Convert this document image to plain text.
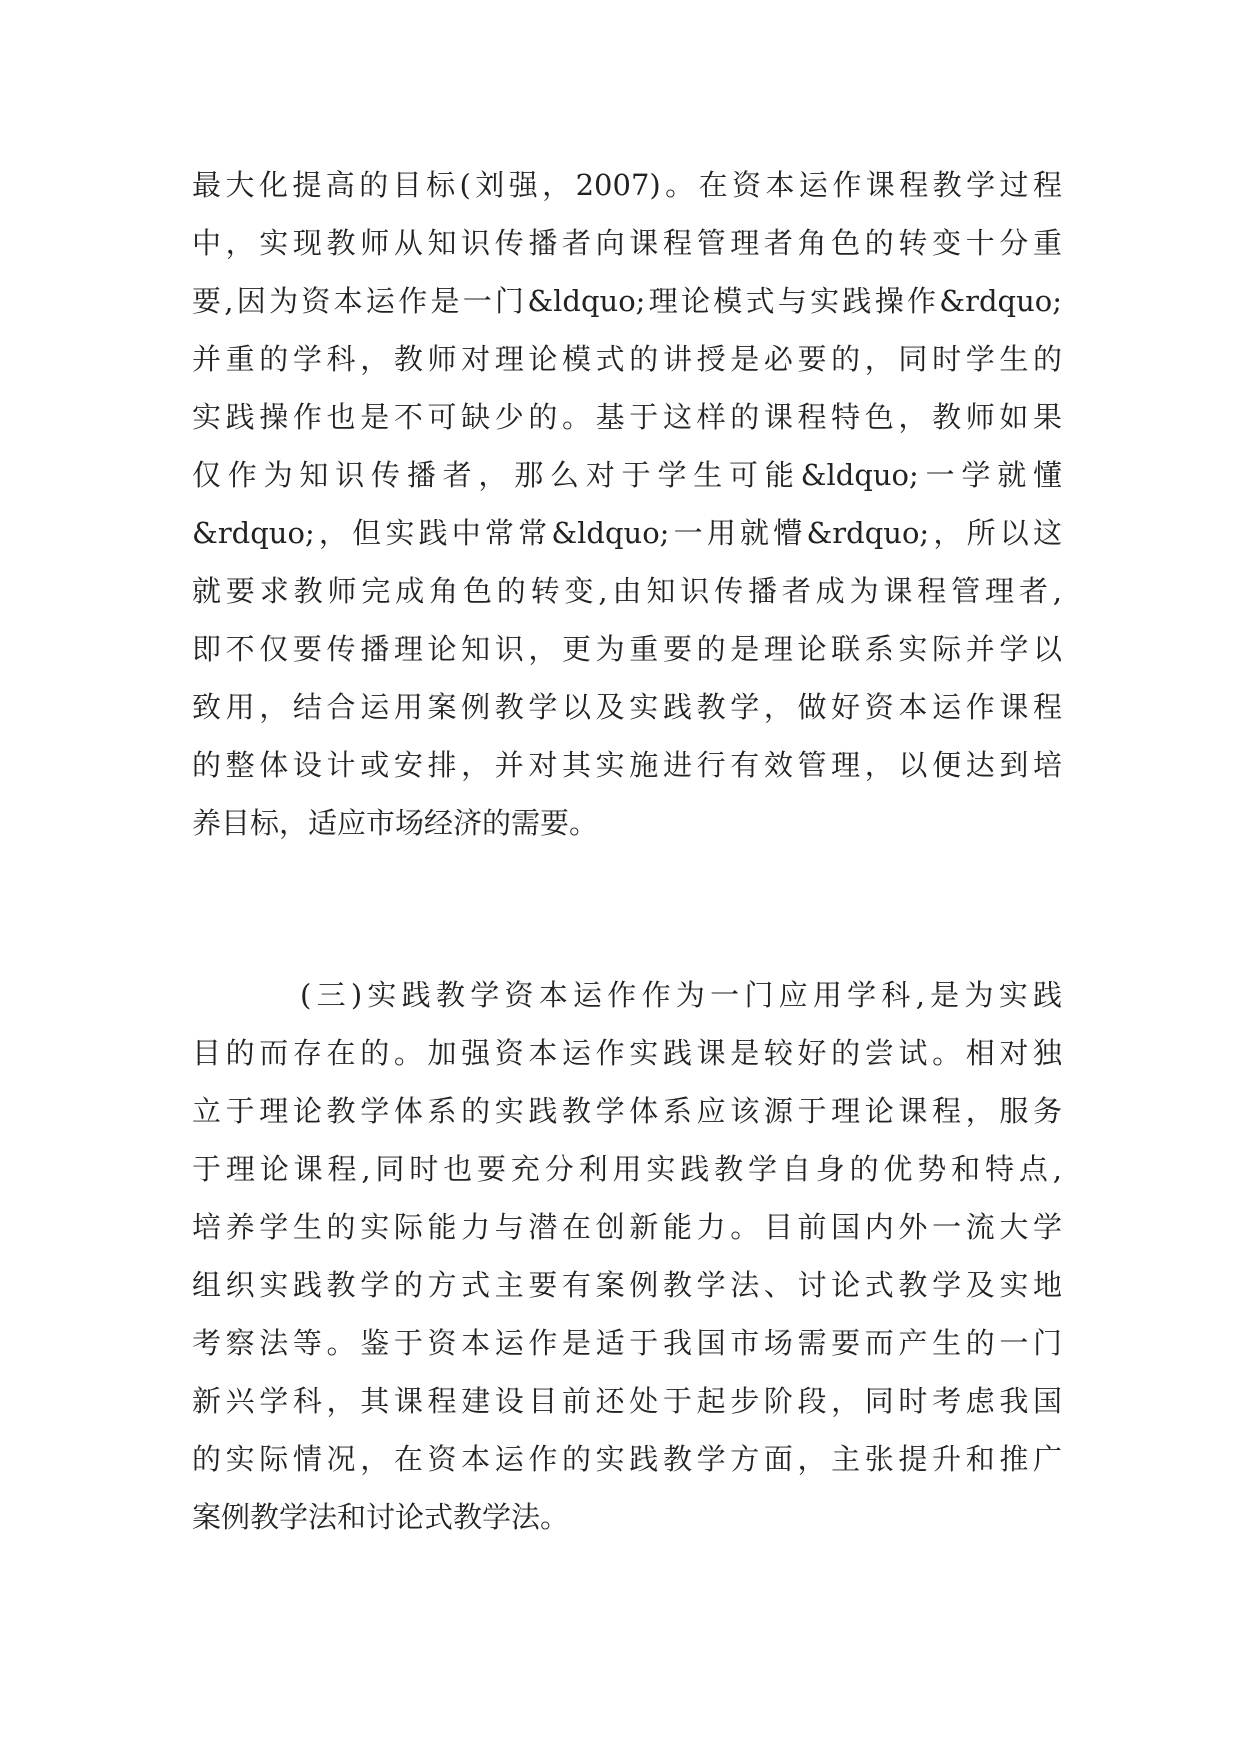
最大化提高的目标(刘强，2007)。在资本运作课程教学过程
中，实现教师从知识传播者向课程管理者角色的转变十分重
要,因为资本运作是一门&ldquo;理论模式与实践操作&rdquo;
并重的学科，教师对理论模式的讲授是必要的，同时学生的
实践操作也是不可缺少的。基于这样的课程特色，教师如果
仅作为知识传播者，那么对于学生可能&ldquo;一学就懂
&rdquo;，但实践中常常&ldquo;一用就懵&rdquo;，所以这
就要求教师完成角色的转变,由知识传播者成为课程管理者,
即不仅要传播理论知识，更为重要的是理论联系实际并学以
致用，结合运用案例教学以及实践教学，做好资本运作课程
的整体设计或安排，并对其实施进行有效管理，以便达到培
养目标，适应市场经济的需要。
(三)实践教学资本运作作为一门应用学科,是为实践
目的而存在的。加强资本运作实践课是较好的尝试。相对独
立于理论教学体系的实践教学体系应该源于理论课程，服务
于理论课程,同时也要充分利用实践教学自身的优势和特点,
培养学生的实际能力与潜在创新能力。目前国内外一流大学
组织实践教学的方式主要有案例教学法、讨论式教学及实地
考察法等。鉴于资本运作是适于我国市场需要而产生的一门
新兴学科，其课程建设目前还处于起步阶段，同时考虑我国
的实际情况，在资本运作的实践教学方面，主张提升和推广
案例教学法和讨论式教学法。
